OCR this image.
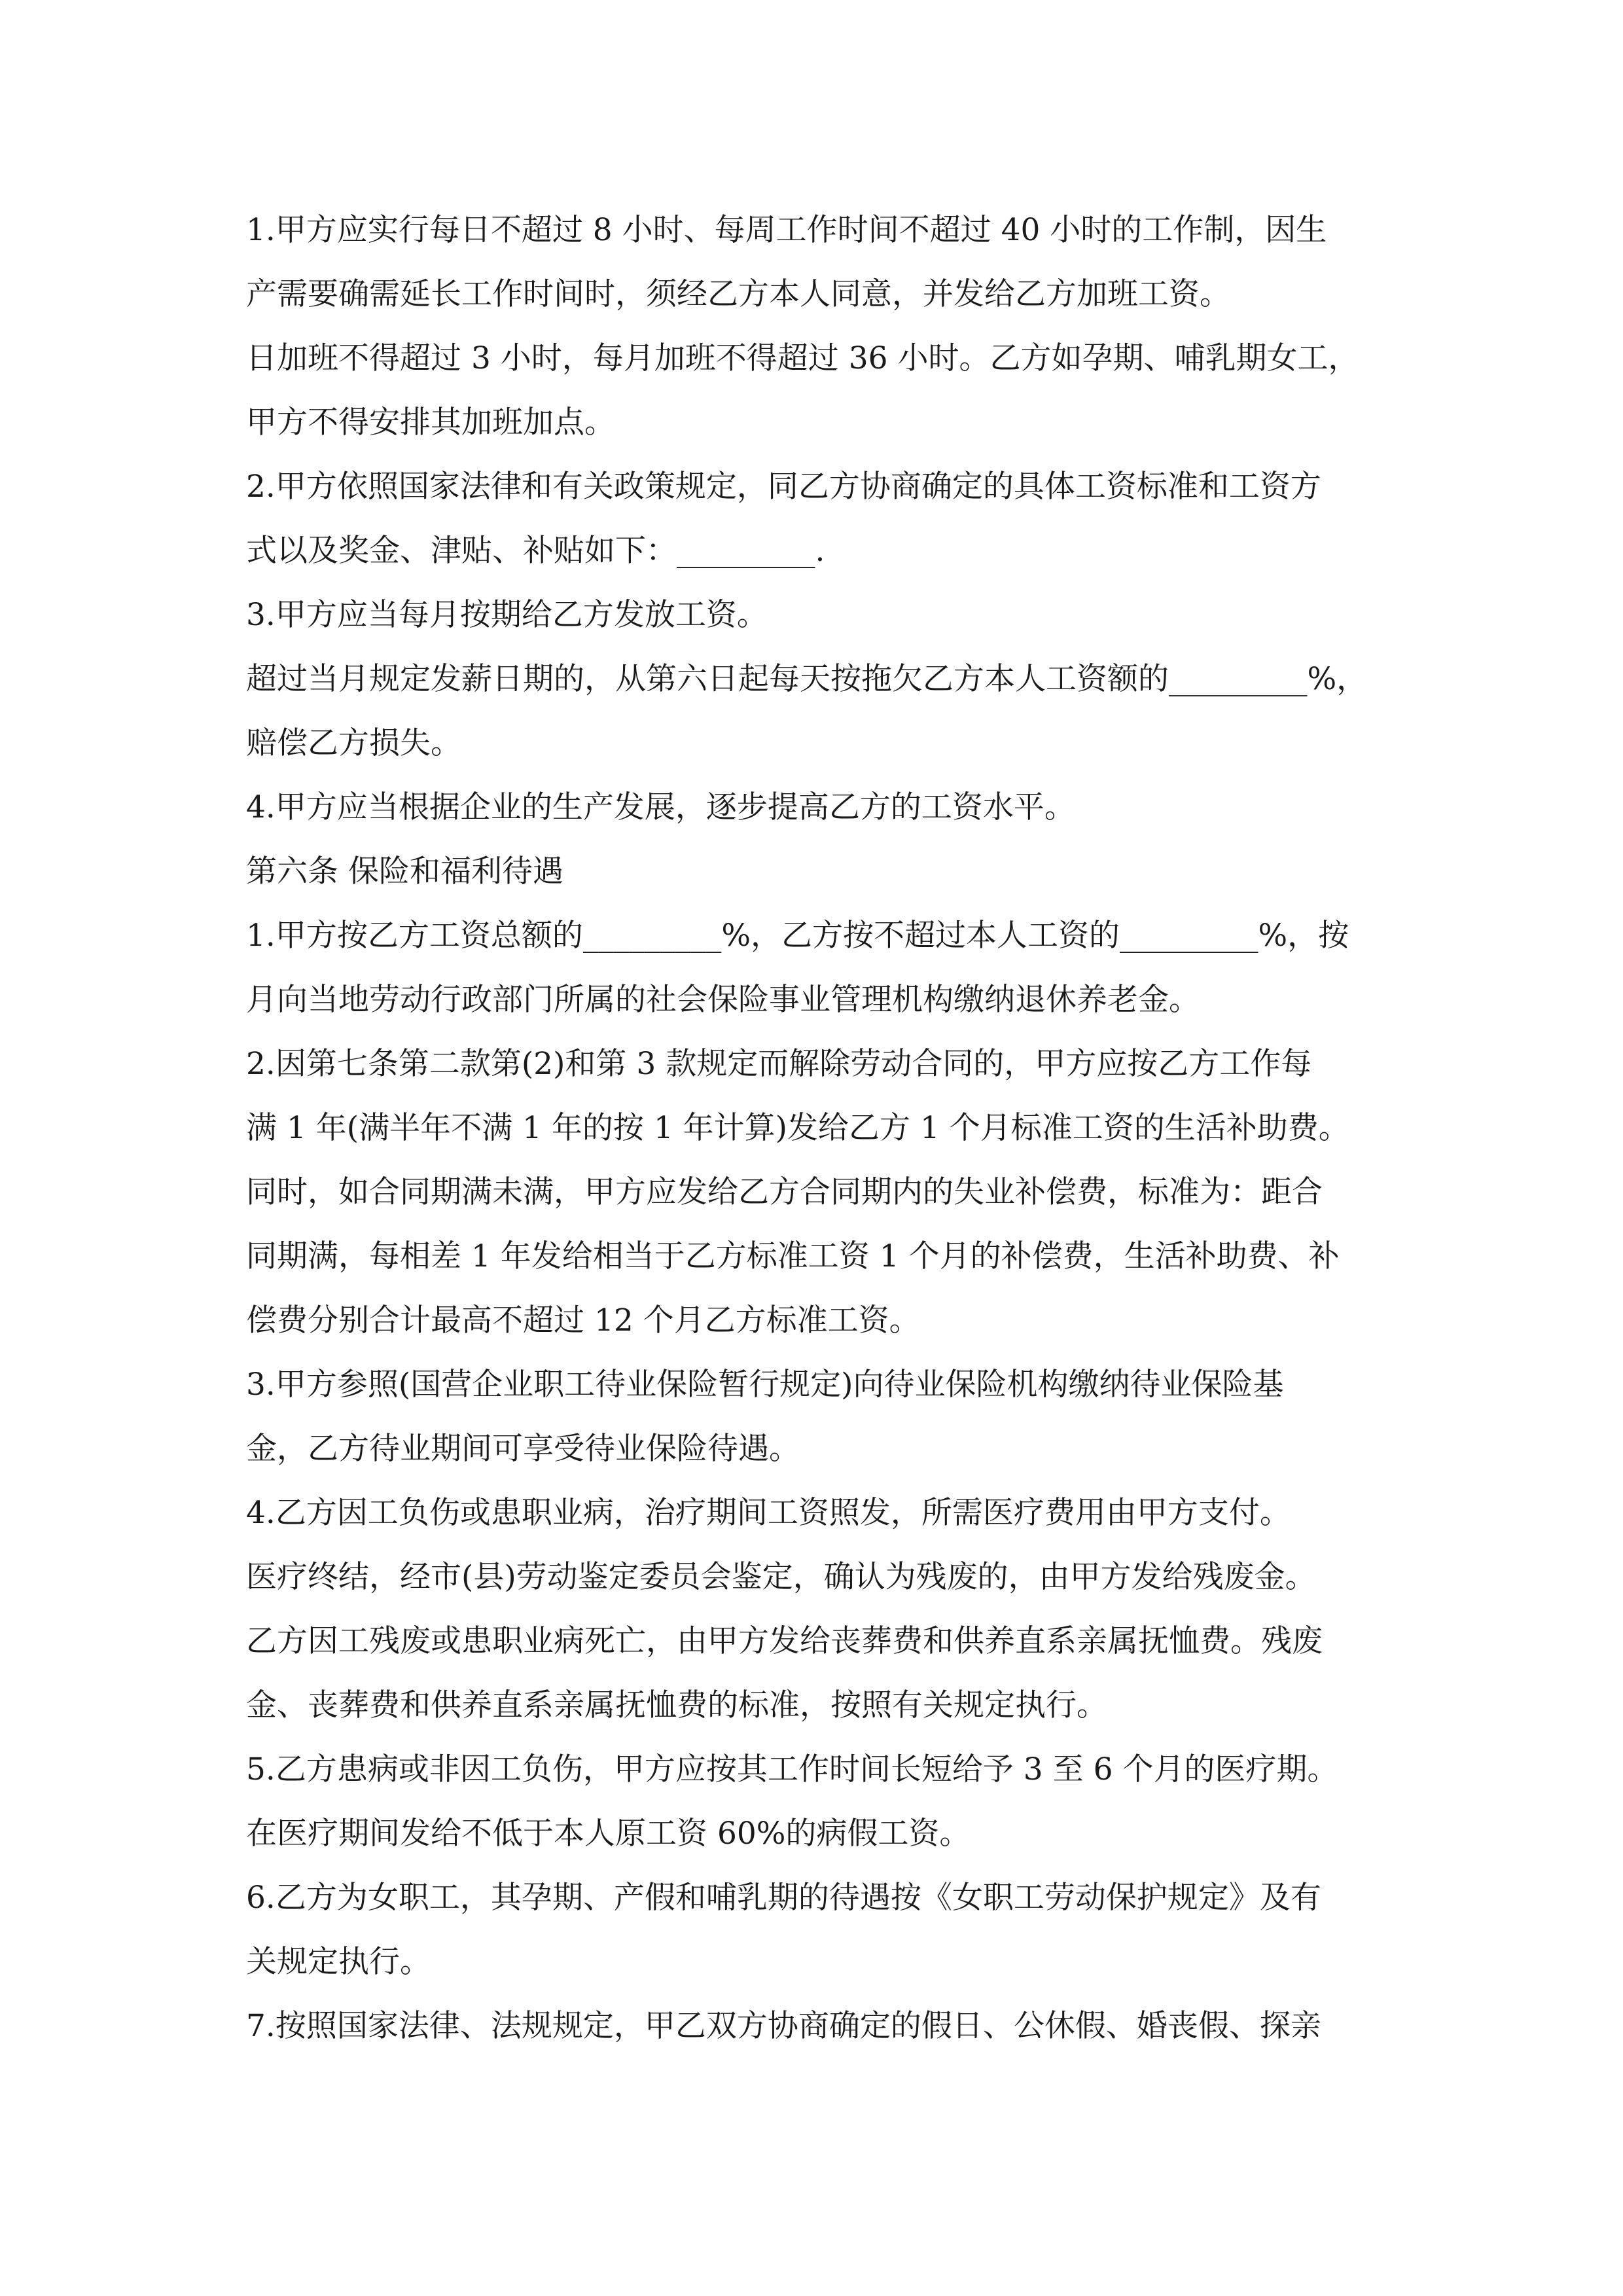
1.甲方应实行每日不超过 8 小时、每周工作时间不超过 40 小时的工作制，因生
产需要确需延长工作时间时，须经乙方本人同意，并发给乙方加班工资。
日加班不得超过 3 小时，每月加班不得超过 36 小时。乙方如孕期、哺乳期女工，
甲方不得安排其加班加点。
2.甲方依照国家法律和有关政策规定，同乙方协商确定的具体工资标准和工资方
式以及奖金、津贴、补贴如下：_________.
3.甲方应当每月按期给乙方发放工资。
超过当月规定发薪日期的，从第六日起每天按拖欠乙方本人工资额的_________%，
赔偿乙方损失。
4.甲方应当根据企业的生产发展，逐步提高乙方的工资水平。
第六条 保险和福利待遇
1.甲方按乙方工资总额的_________%，乙方按不超过本人工资的_________%，按
月向当地劳动行政部门所属的社会保险事业管理机构缴纳退休养老金。
2.因第七条第二款第(2)和第 3 款规定而解除劳动合同的，甲方应按乙方工作每
满 1 年(满半年不满 1 年的按 1 年计算)发给乙方 1 个月标准工资的生活补助费。
同时，如合同期满未满，甲方应发给乙方合同期内的失业补偿费，标准为：距合
同期满，每相差 1 年发给相当于乙方标准工资 1 个月的补偿费，生活补助费、补
偿费分别合计最高不超过 12 个月乙方标准工资。
3.甲方参照(国营企业职工待业保险暂行规定)向待业保险机构缴纳待业保险基
金，乙方待业期间可享受待业保险待遇。
4.乙方因工负伤或患职业病，治疗期间工资照发，所需医疗费用由甲方支付。
医疗终结，经市(县)劳动鉴定委员会鉴定，确认为残废的，由甲方发给残废金。
乙方因工残废或患职业病死亡，由甲方发给丧葬费和供养直系亲属抚恤费。残废
金、丧葬费和供养直系亲属抚恤费的标准，按照有关规定执行。
5.乙方患病或非因工负伤，甲方应按其工作时间长短给予 3 至 6 个月的医疗期。
在医疗期间发给不低于本人原工资 60%的病假工资。
6.乙方为女职工，其孕期、产假和哺乳期的待遇按《女职工劳动保护规定》及有
关规定执行。
7.按照国家法律、法规规定，甲乙双方协商确定的假日、公休假、婚丧假、探亲
